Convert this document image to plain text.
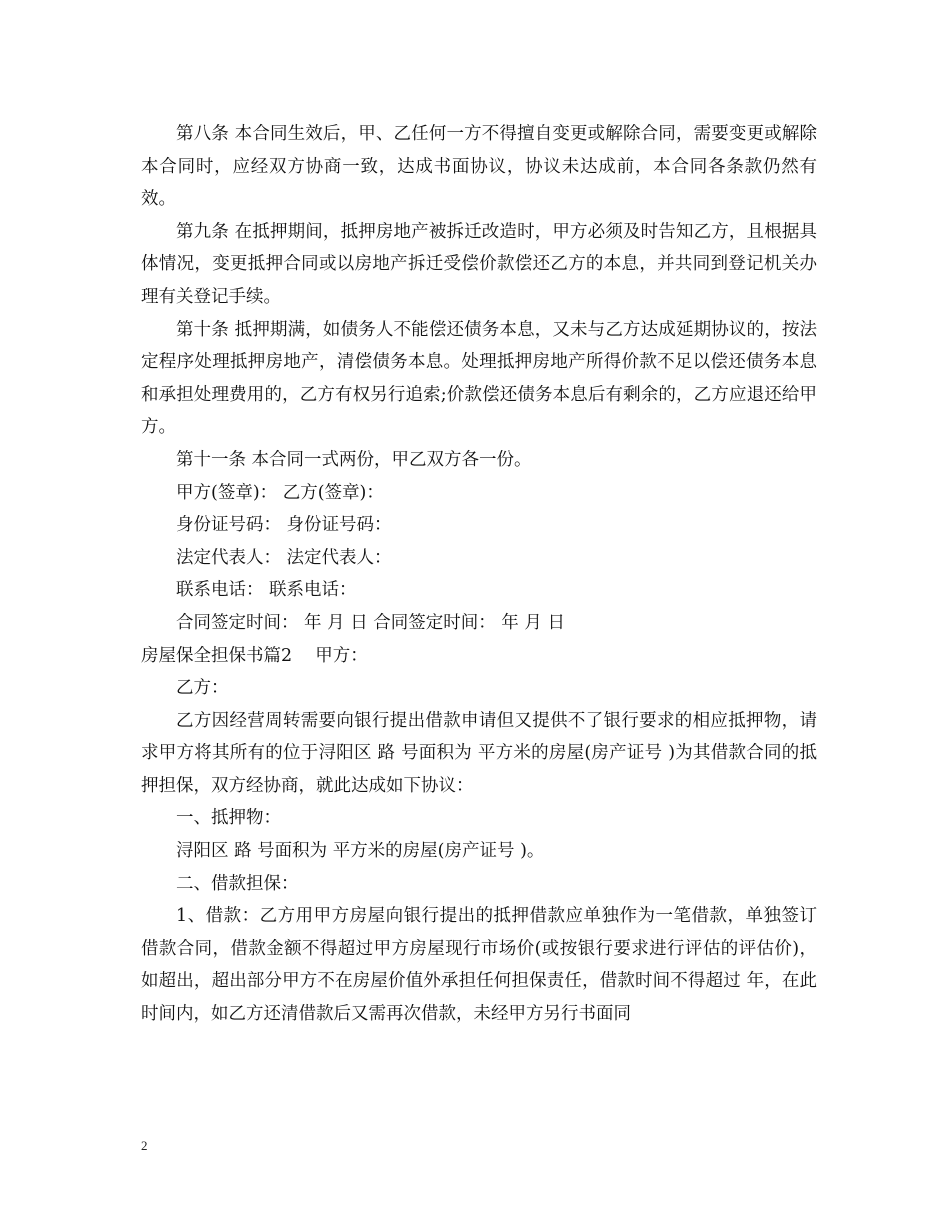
第八条 本合同生效后，甲、乙任何一方不得擅自变更或解除合同，需要变更或解除本合同时，应经双方协商一致，达成书面协议，协议未达成前，本合同各条款仍然有效。

第九条 在抵押期间，抵押房地产被拆迁改造时，甲方必须及时告知乙方，且根据具体情况，变更抵押合同或以房地产拆迁受偿价款偿还乙方的本息，并共同到登记机关办理有关登记手续。

第十条 抵押期满，如债务人不能偿还债务本息，又未与乙方达成延期协议的，按法定程序处理抵押房地产，清偿债务本息。处理抵押房地产所得价款不足以偿还债务本息和承担处理费用的，乙方有权另行追索;价款偿还债务本息后有剩余的，乙方应退还给甲方。

第十一条 本合同一式两份，甲乙双方各一份。

甲方(签章)： 乙方(签章)：

身份证号码： 身份证号码：

法定代表人： 法定代表人：

联系电话： 联系电话：

合同签定时间： 年 月 日 合同签定时间： 年 月 日

房屋保全担保书篇2 　甲方：

乙方：

乙方因经营周转需要向银行提出借款申请但又提供不了银行要求的相应抵押物，请求甲方将其所有的位于浔阳区 路 号面积为 平方米的房屋(房产证号 )为其借款合同的抵押担保，双方经协商，就此达成如下协议：

一、抵押物：

浔阳区 路 号面积为 平方米的房屋(房产证号 )。

二、借款担保：

1、借款：乙方用甲方房屋向银行提出的抵押借款应单独作为一笔借款，单独签订借款合同，借款金额不得超过甲方房屋现行市场价(或按银行要求进行评估的评估价)，如超出，超出部分甲方不在房屋价值外承担任何担保责任，借款时间不得超过 年，在此时间内，如乙方还清借款后又需再次借款，未经甲方另行书面同

2
